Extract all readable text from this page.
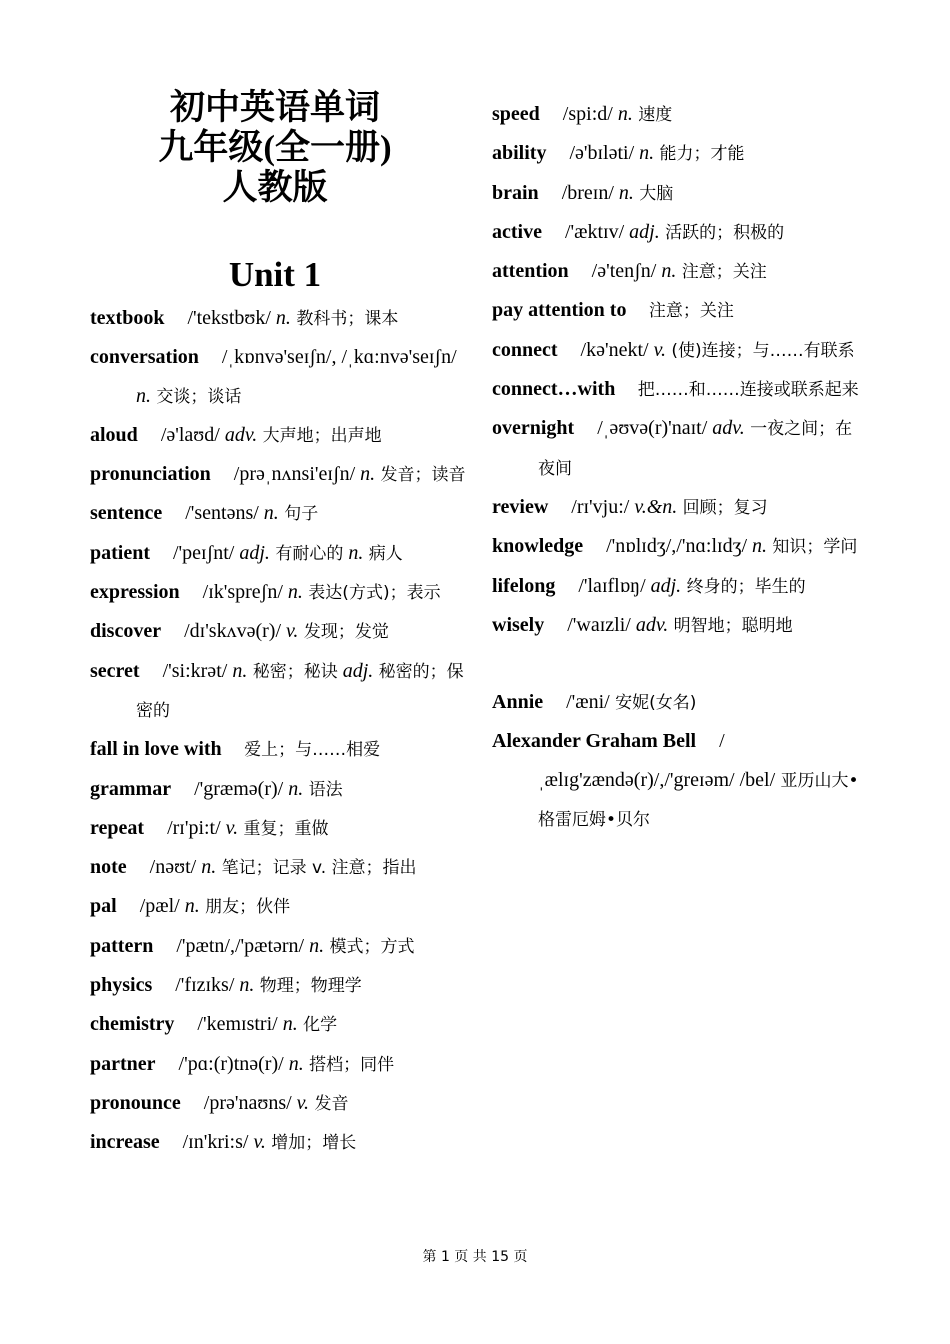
初中英语单词
九年级(全一册)
人教版
Unit 1
textbook /'tekstbʊk/ n. 教科书；课本
conversation /ˌkɒnvə'seɪʃn/, /ˌkɑ:nvə'seɪʃn/ n. 交谈；谈话
aloud /ə'laʊd/ adv. 大声地；出声地
pronunciation /prəˌnʌnsi'eɪʃn/ n. 发音；读音
sentence /'sentəns/ n. 句子
patient /'peɪʃnt/ adj. 有耐心的 n. 病人
expression /ɪk'spreʃn/ n. 表达(方式)；表示
discover /dɪ'skʌvə(r)/ v. 发现；发觉
secret /'si:krət/ n. 秘密；秘诀 adj. 秘密的；保密的
fall in love with 　爱上；与……相爱
grammar /'græmə(r)/ n. 语法
repeat /rɪ'pi:t/ v. 重复；重做
note /nəʊt/ n. 笔记；记录 v. 注意；指出
pal /pæl/ n. 朋友；伙伴
pattern /'pætn/,/'pætərn/ n. 模式；方式
physics /'fɪzɪks/ n. 物理；物理学
chemistry /'kemɪstri/ n. 化学
partner /'pɑ:(r)tnə(r)/ n. 搭档；同伴
pronounce /prə'naʊns/ v. 发音
increase /ɪn'kri:s/ v. 增加；增长
speed /spi:d/ n. 速度
ability /ə'bɪləti/ n. 能力；才能
brain /breɪn/ n. 大脑
active /'æktɪv/ adj. 活跃的；积极的
attention /ə'tenʃn/ n. 注意；关注
pay attention to 　注意；关注
connect /kə'nekt/ v. (使)连接；与……有联系
connect…with 　把……和……连接或联系起来
overnight /ˌəʊvə(r)'naɪt/ adv. 一夜之间；在夜间
review /rɪ'vju:/ v.&n. 回顾；复习
knowledge /'nɒlɪdʒ/,/'nɑ:lɪdʒ/ n. 知识；学问
lifelong /'laɪflɒŋ/ adj. 终身的；毕生的
wisely /'waɪzli/ adv. 明智地；聪明地
Annie /'æni/ 安妮(女名)
Alexander Graham Bell /ˌælɪg'zændə(r)/,/'greɪəm/ /bel/ 亚历山大•格雷厄姆•贝尔
第 1 页 共 15 页
